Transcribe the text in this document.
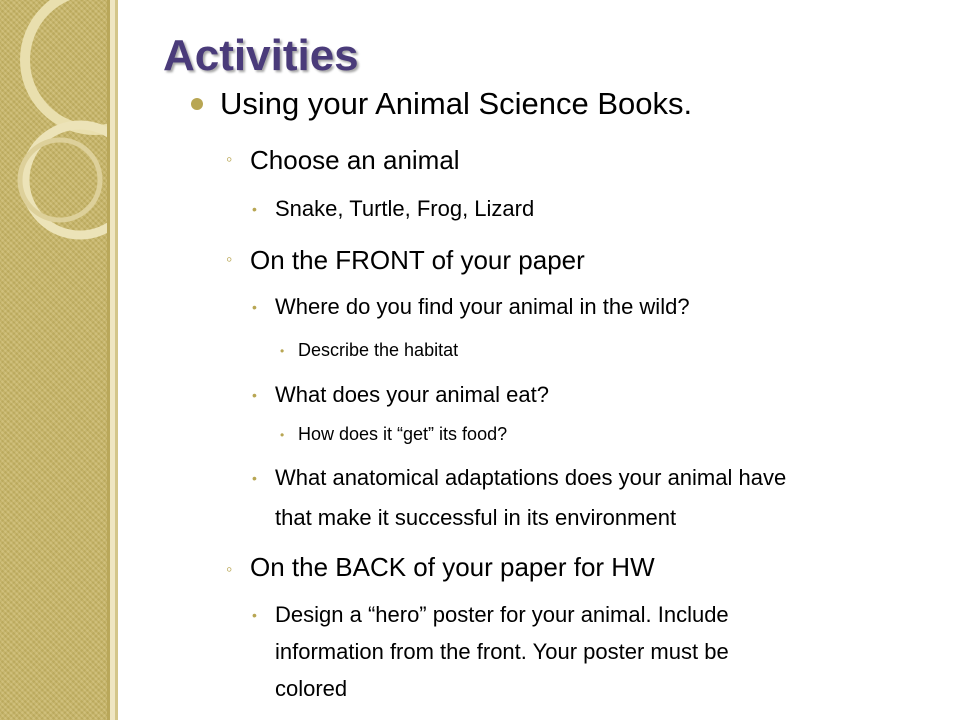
Activities
Using your Animal Science Books.
◦ Choose an animal
• Snake, Turtle, Frog, Lizard
◦ On the FRONT of your paper
• Where do you find your animal in the wild?
• Describe the habitat
• What does your animal eat?
• How does it “get” its food?
• What anatomical adaptations does your animal have
that make it successful in its environment
◦ On the BACK of your paper for HW
• Design a “hero” poster for your animal. Include
information from the front. Your poster must be
colored
